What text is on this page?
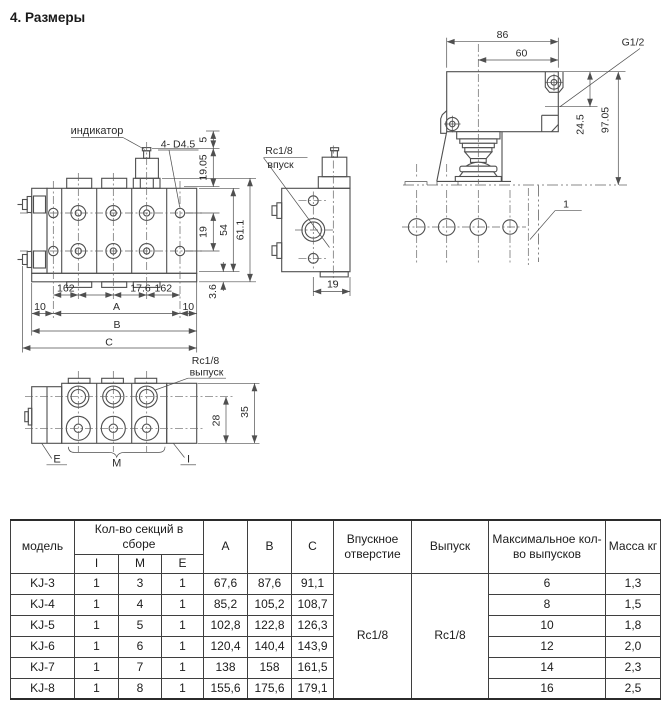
4. Размеры
индикатор
4- D4.5 5
19.05
19 54 61.1
3.6
162	17.6 162
10	A	10
B
C
Rc1/8
впуск
19
86
60
G1/2
24.5 97.05
1
Rc1/8
выпуск
28
35
E	M	I
модель	Кол-во секций в сборе			A	B	C	Впускное отверстие	Выпуск	Максимальное кол-во выпусков	Масса кг
	I	M	E							
KJ-3	1	3	1	67,6	87,6	91,1	Rc1/8	Rc1/8	6	1,3
KJ-4	1	4	1	85,2	105,2	108,7			8	1,5
KJ-5	1	5	1	102,8	122,8	126,3			10	1,8
KJ-6	1	6	1	120,4	140,4	143,9			12	2,0
KJ-7	1	7	1	138	158	161,5			14	2,3
KJ-8	1	8	1	155,6	175,6	179,1			16	2,5
